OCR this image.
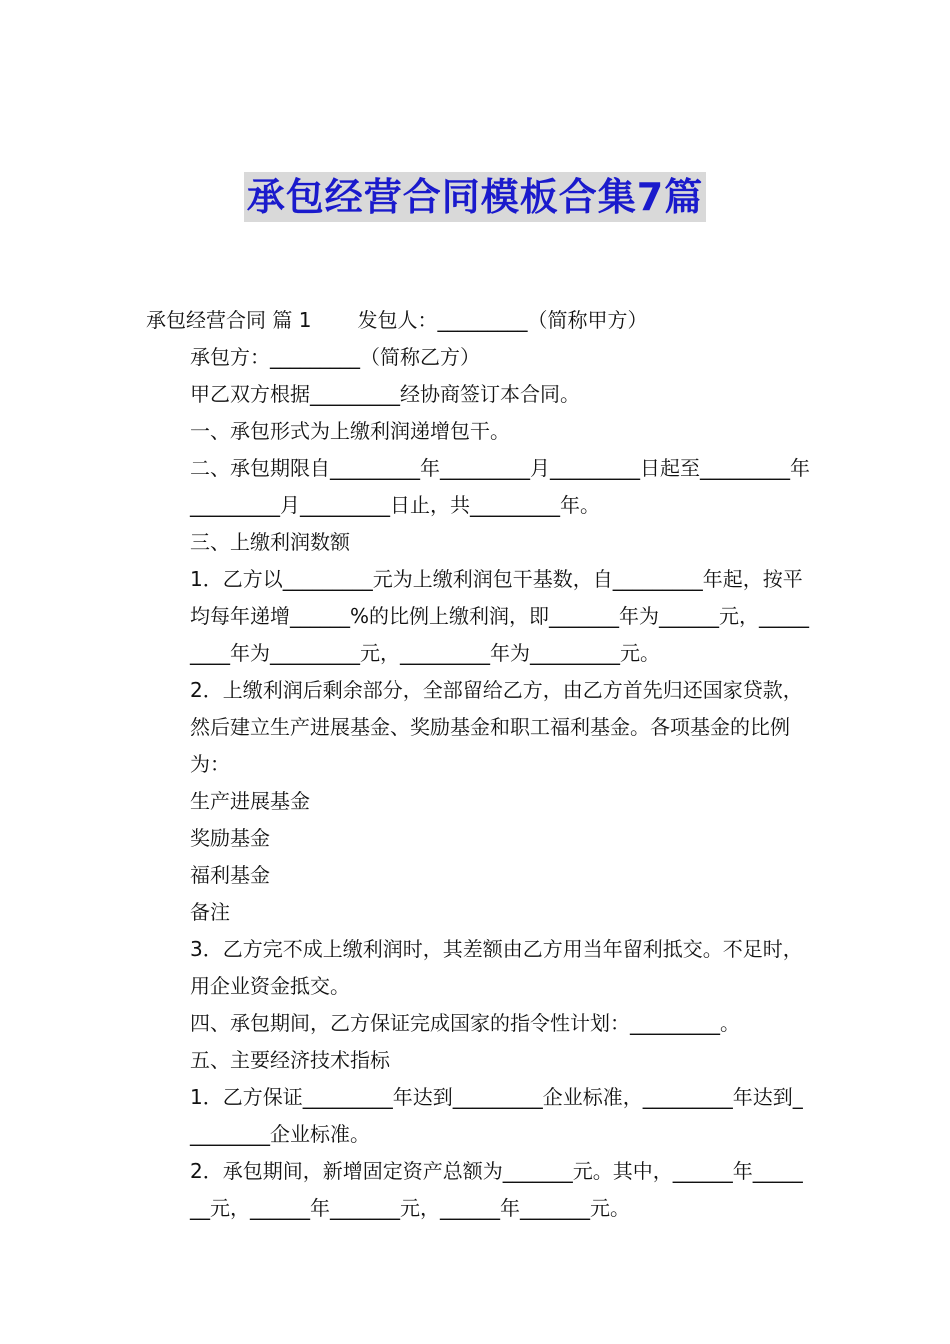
承包经营合同模板合集7篇

承包经营合同 篇 1 发包人：_________（简称甲方）

承包方：_________（简称乙方）

甲乙双方根据_________经协商签订本合同。

一、承包形式为上缴利润递增包干。

二、承包期限自_________年_________月_________日起至_________年_________月_________日止，共_________年。

三、上缴利润数额

1．乙方以_________元为上缴利润包干基数，自_________年起，按平均每年递增______%的比例上缴利润，即_______年为______元，_________年为_________元，_________年为_________元。

2．上缴利润后剩余部分，全部留给乙方，由乙方首先归还国家贷款，然后建立生产进展基金、奖励基金和职工福利基金。各项基金的比例为：

生产进展基金

奖励基金

福利基金

备注

3．乙方完不成上缴利润时，其差额由乙方用当年留利抵交。不足时，用企业资金抵交。

四、承包期间，乙方保证完成国家的指令性计划：_________。

五、主要经济技术指标

1．乙方保证_________年达到_________企业标准，_________年达到_________企业标准。

2．承包期间，新增固定资产总额为_______元。其中，______年_______元，______年_______元，______年_______元。
